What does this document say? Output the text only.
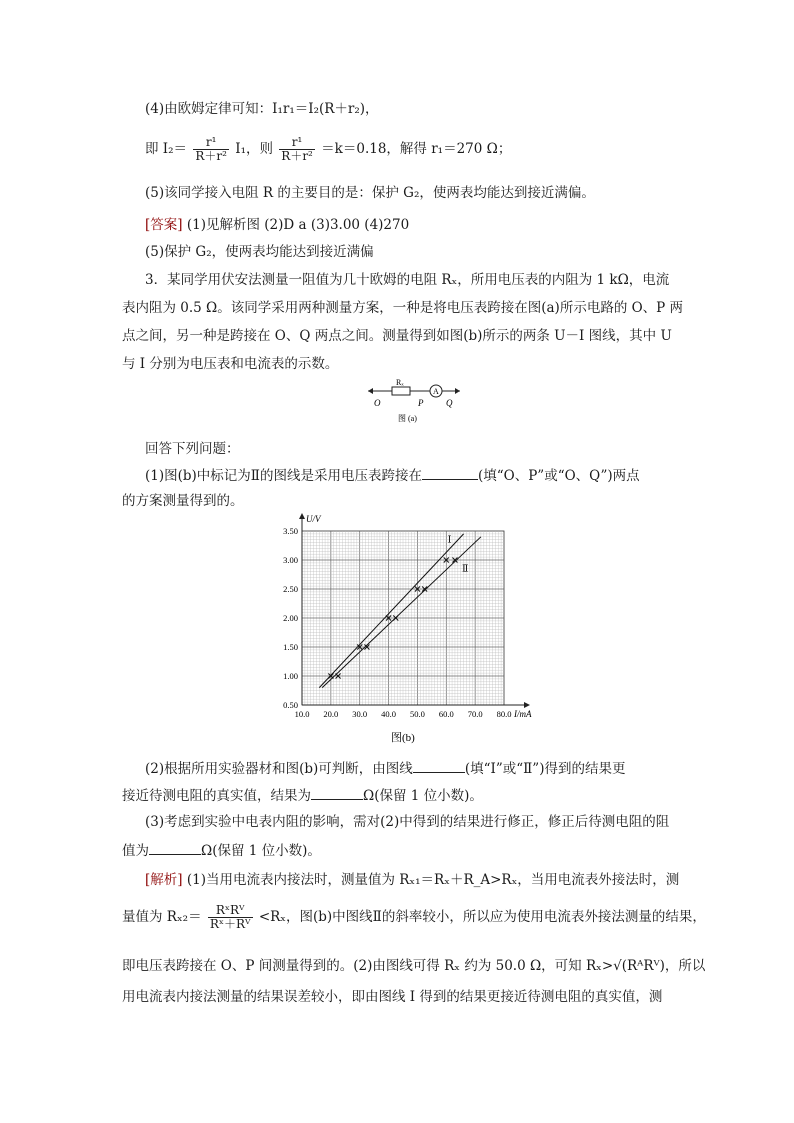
(4)由欧姆定律可知：I₁r₁＝I₂(R＋r₂)，
即 $I_2= \frac{\text{r¹}}{\text{R＋r²}} I_1$，则 $\frac{\text{r¹}}{\text{R＋r²}} =k=0.18$，解得 r₁＝270 Ω；
(5)该同学接入电阻 R 的主要目的是：保护 G₂，使两表均能达到接近满偏。
[答案] (1)见解析图 (2)D a (3)3.00 (4)270
(5)保护 G₂，使两表均能达到接近满偏
3．某同学用伏安法测量一阻值为几十欧姆的电阻 Rₓ，所用电压表的内阻为 1 kΩ，电流
表内阻为 0.5 Ω。该同学采用两种测量方案，一种是将电压表跨接在图(a)所示电路的 O、P 两
点之间，另一种是跨接在 O、Q 两点之间。测量得到如图(b)所示的两条 U－I 图线，其中 U
与 I 分别为电压表和电流表的示数。
Rₓ
A
O	P	Q
图 (a)
回答下列问题：
(1)图(b)中标记为Ⅱ的图线是采用电压表跨接在	(填“O、P”或“O、Q”)两点
的方案测量得到的。
10.0 20.0 30.0 40.0 50.0 60.0 70.0 80.0
0.50
1.00
1.50
2.00
2.50
3.00
3.50
Ⅰ
Ⅱ
I/mA
U/V
图(b)
(2)根据所用实验器材和图(b)可判断，由图线	(填“Ⅰ”或“Ⅱ”)得到的结果更
接近待测电阻的真实值，结果为	Ω(保留 1 位小数)。
(3)考虑到实验中电表内阻的影响，需对(2)中得到的结果进行修正，修正后待测电阻的阻
值为	Ω(保留 1 位小数)。
[解析] (1)当用电流表内接法时，测量值为 Rₓ₁＝Rₓ＋R_A>Rₓ，当用电流表外接法时，测
量值为 $R_{x2}= \frac{\text{RˣRⱽ}}{\text{Rˣ＋Rⱽ}} <R_x$，图(b)中图线Ⅱ的斜率较小，所以应为使用电流表外接法测量的结果，
即电压表跨接在 O、P 间测量得到的。(2)由图线可得 Rₓ 约为 50.0 Ω，可知 Rₓ>√(RᴬRⱽ)，所以
用电流表内接法测量的结果误差较小，即由图线 I 得到的结果更接近待测电阻的真实值，测
